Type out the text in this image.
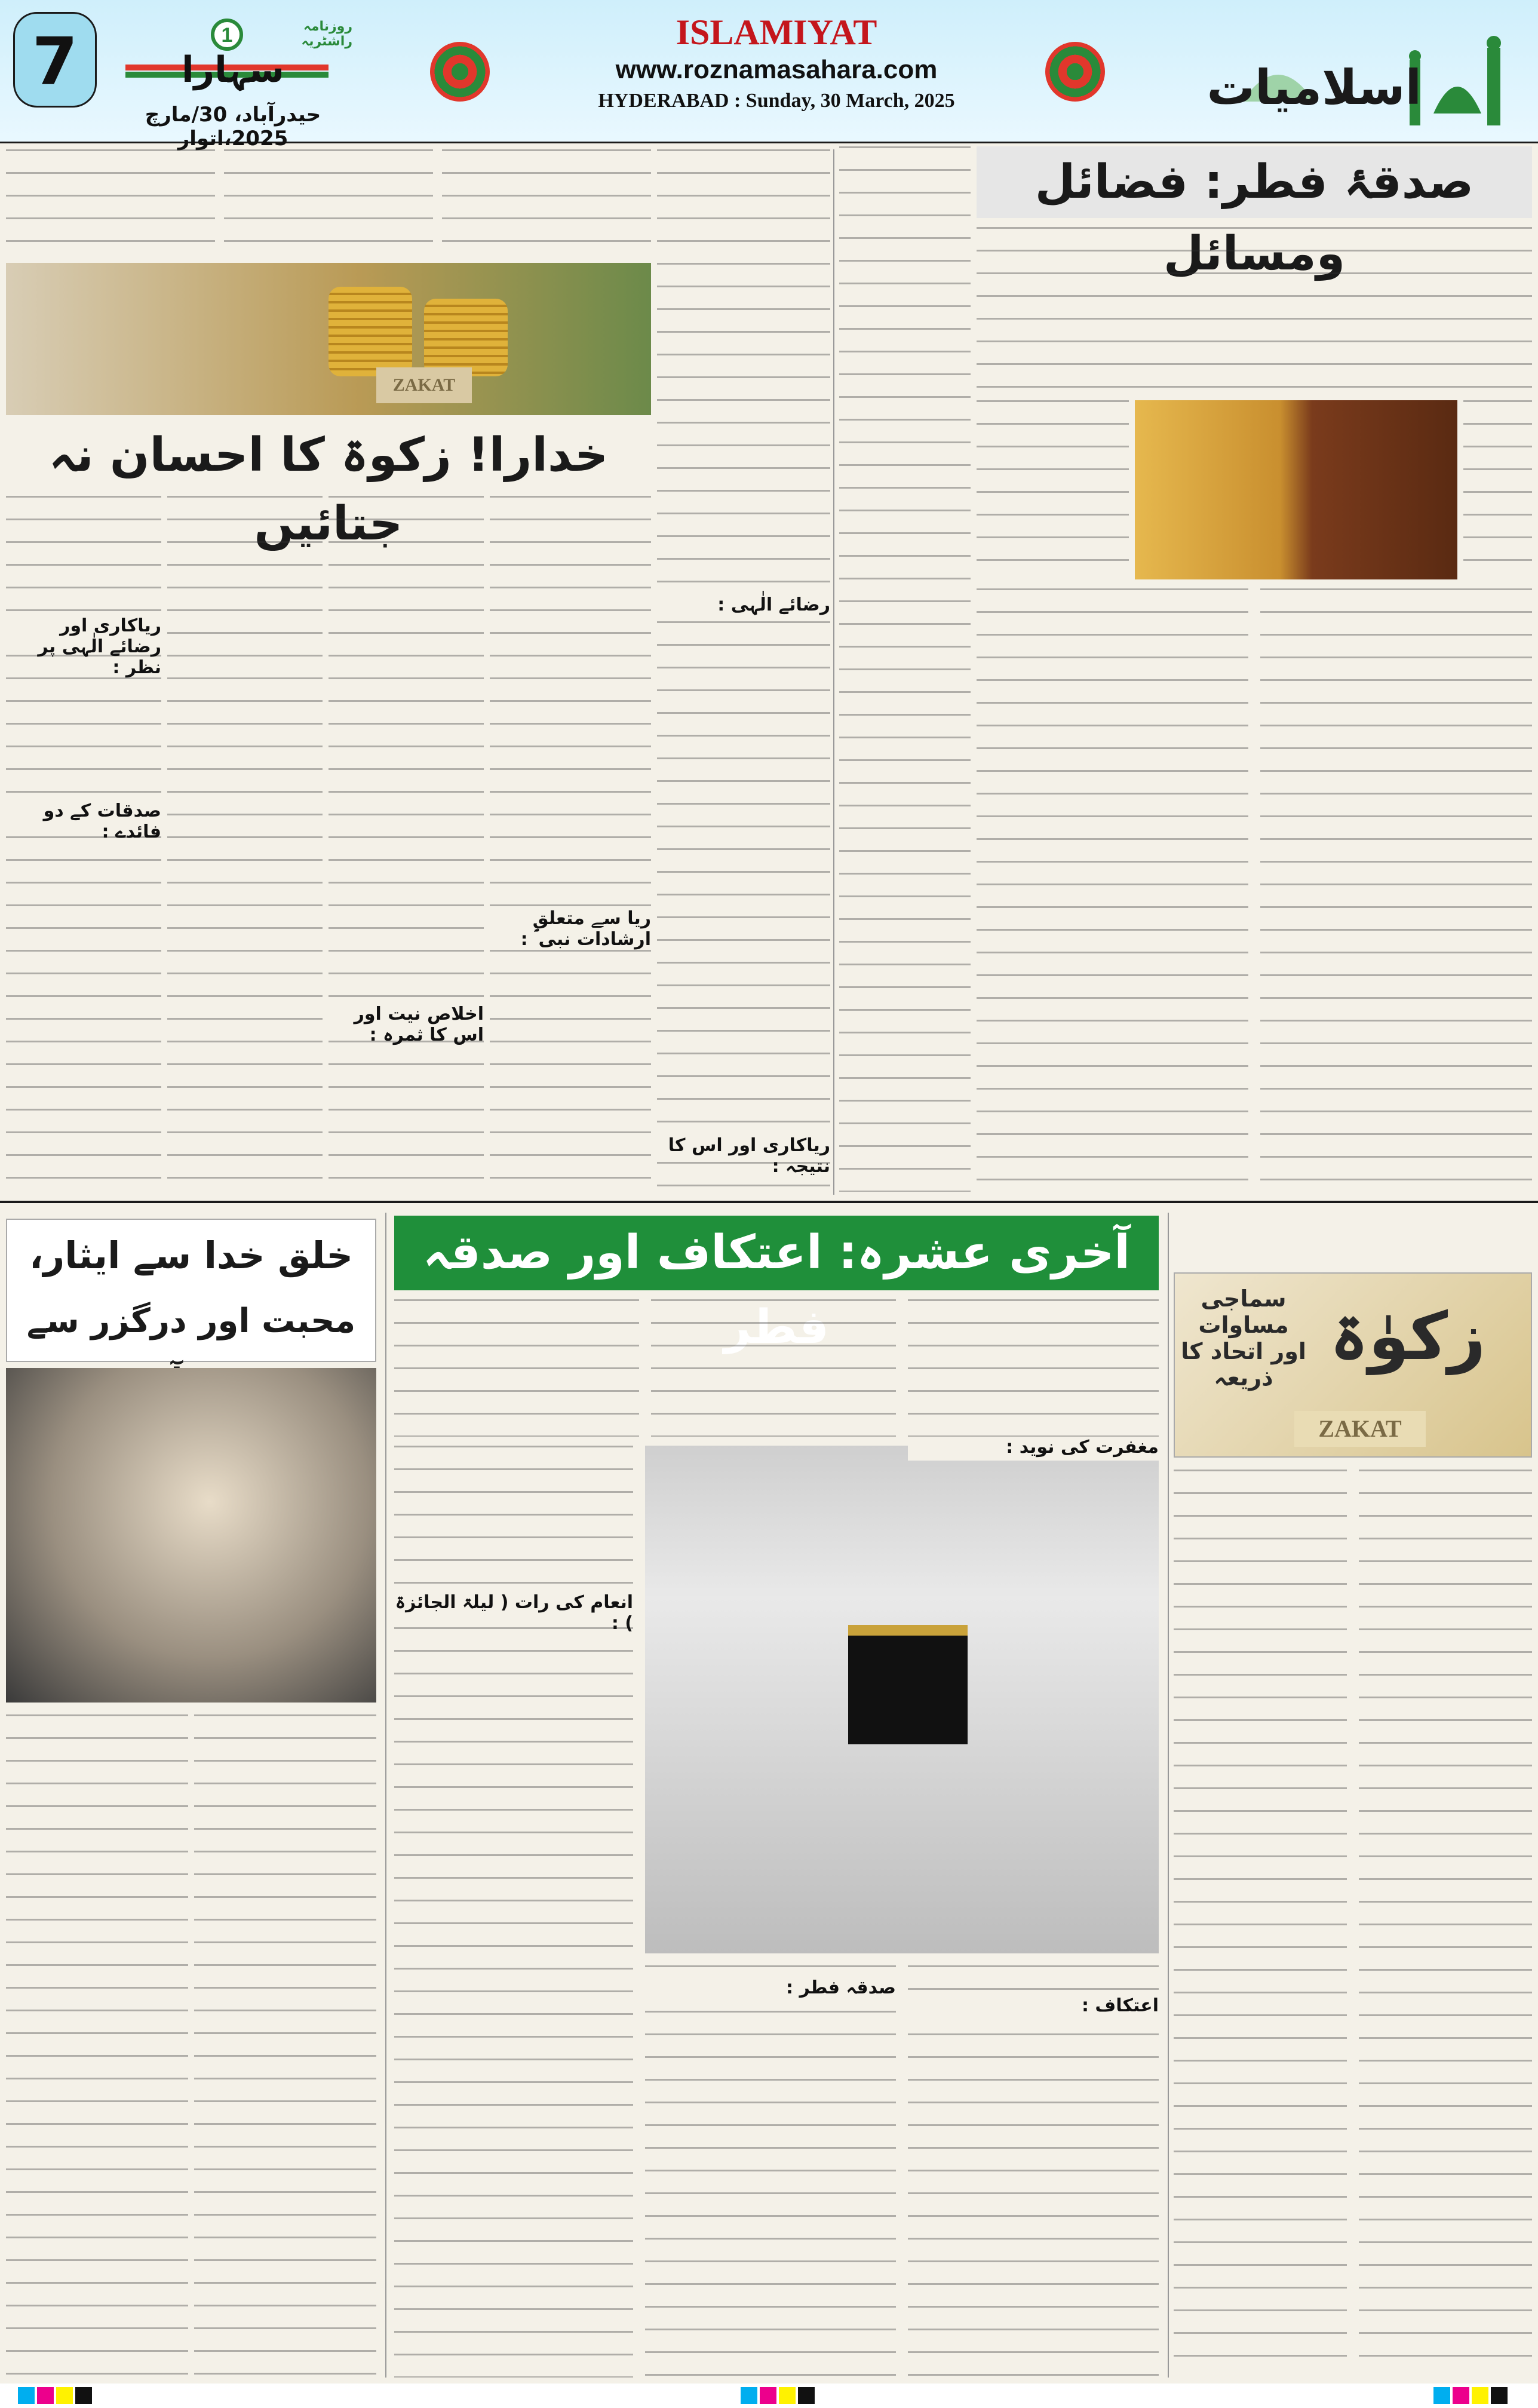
7	1
سہارا
روزنامہ راشٹریہ
حیدرآباد، 30/مارچ 2025،اتوار
ISLAMIYAT
www.roznamasahara.com
HYDERABAD : Sunday, 30 March, 2025	اسلامیات
ZAKAT
خدارا! زکوۃ کا احسان نہ جتائیں
ریاکاری اور رضائے الٰہی پر نظر :
صدقات کے دو فائدے :
اخلاص نیت اور اس کا ثمرہ :
ریا سے متعلق ارشادات نبی ؐ :
رضائے الٰہی :
ریاکاری اور اس کا نتیجہ :
صدقۂ فطر: فضائل ومسائل
خلق خدا سے ایثار،
محبت اور درگزر سے
آخری عشرہ: اعتکاف اور صدقہ فطر
انعام کی رات ( لیلۃ الجائزۃ ) :
مغفرت کی نوید :
اعتکاف :
صدقہ فطر :
زکوٰۃ
سماجی مساوات اور اتحاد کا ذریعہ
ZAKAT
